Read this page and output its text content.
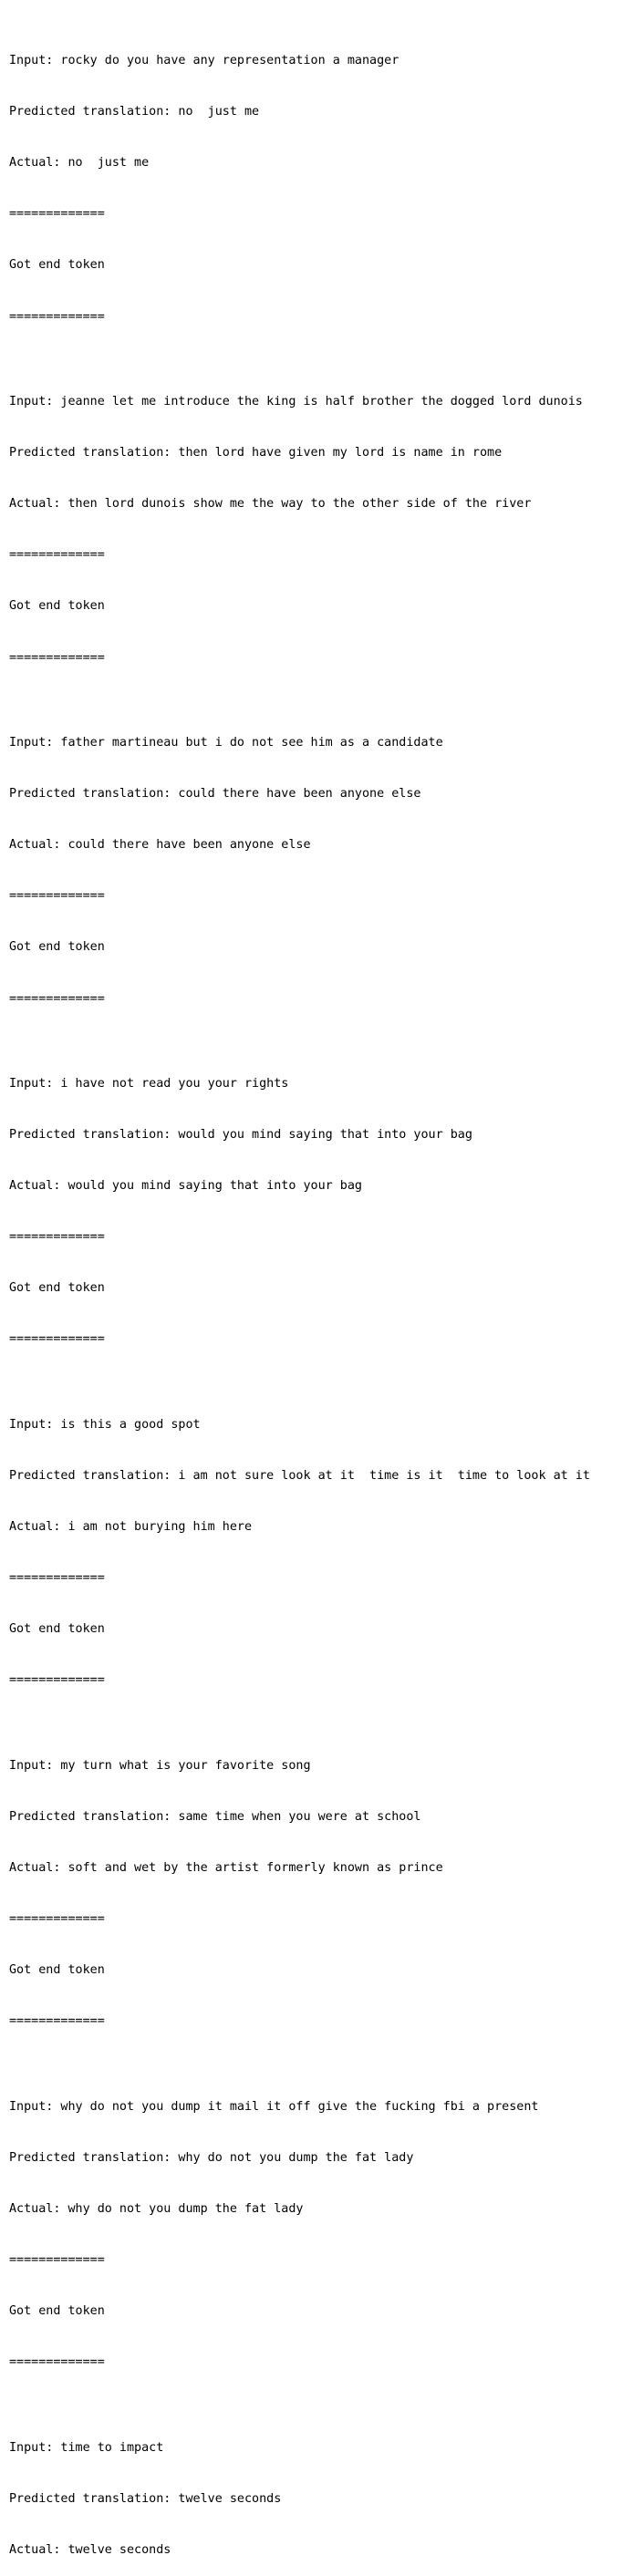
Input: rocky do you have any representation a manager

Predicted translation: no  just me

Actual: no  just me

=============

Got end token

=============

Input: jeanne let me introduce the king is half brother the dogged lord dunois

Predicted translation: then lord have given my lord is name in rome

Actual: then lord dunois show me the way to the other side of the river

=============

Got end token

=============

Input: father martineau but i do not see him as a candidate

Predicted translation: could there have been anyone else

Actual: could there have been anyone else

=============

Got end token

=============

Input: i have not read you your rights

Predicted translation: would you mind saying that into your bag

Actual: would you mind saying that into your bag

=============

Got end token

=============

Input: is this a good spot

Predicted translation: i am not sure look at it  time is it  time to look at it

Actual: i am not burying him here

=============

Got end token

=============

Input: my turn what is your favorite song

Predicted translation: same time when you were at school

Actual: soft and wet by the artist formerly known as prince

=============

Got end token

=============

Input: why do not you dump it mail it off give the fucking fbi a present

Predicted translation: why do not you dump the fat lady

Actual: why do not you dump the fat lady

=============

Got end token

=============

Input: time to impact

Predicted translation: twelve seconds

Actual: twelve seconds
